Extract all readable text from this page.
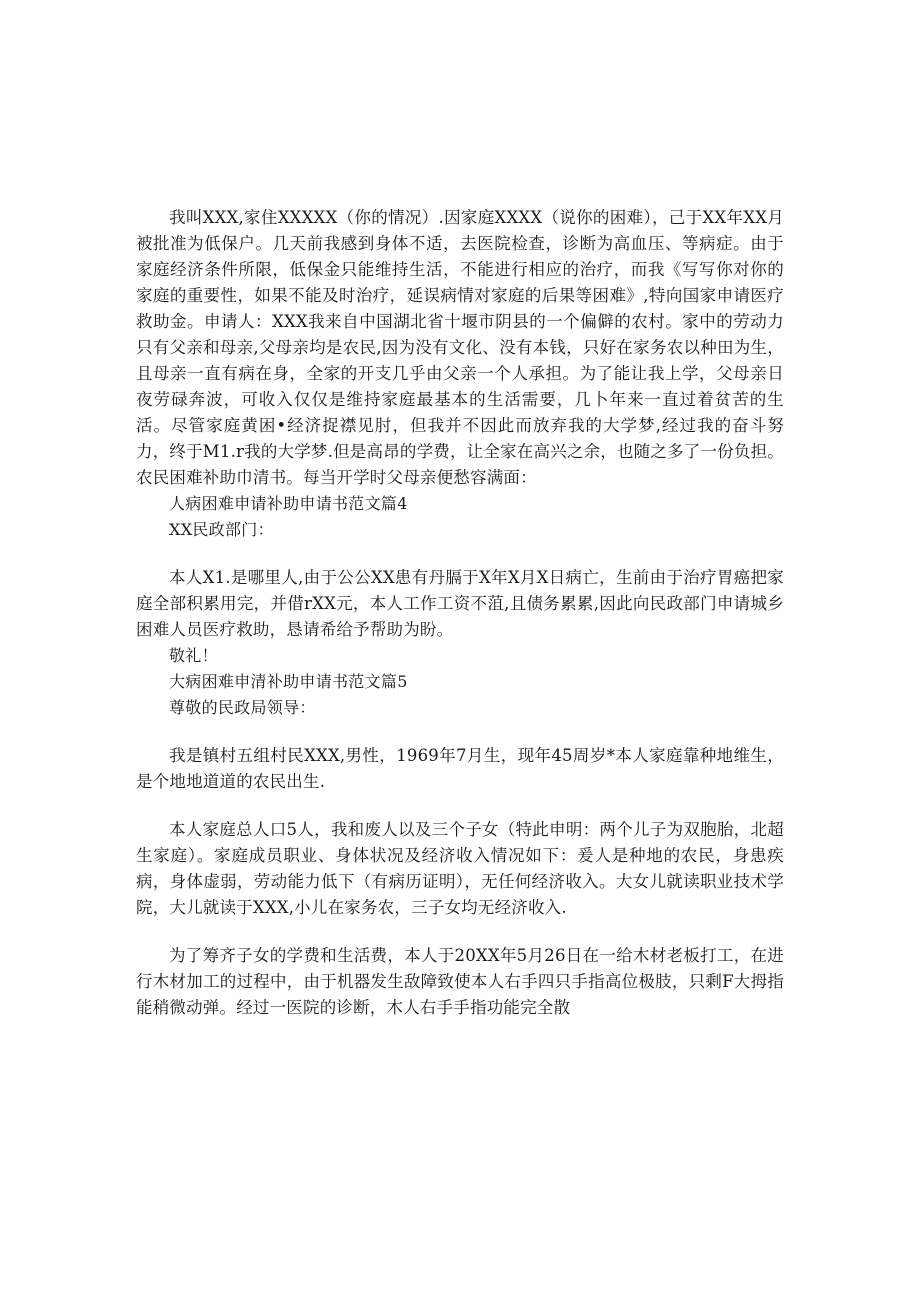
我叫XXX,家住XXXXX（你的情况）.因家庭XXXX（说你的困难），己于XX年XX月被批准为低保户。几天前我感到身体不适，去医院检查，诊断为高血压、等病症。由于家庭经济条件所限，低保金只能维持生活，不能进行相应的治疗，而我《写写你对你的家庭的重要性，如果不能及时治疗，延误病情对家庭的后果等困难》,特向国家申请医疗救助金。申请人：XXX我来自中国湖北省十堰市阴县的一个偏僻的农村。家中的劳动力只有父亲和母亲,父母亲均是农民,因为没有文化、没有本钱，只好在家务农以种田为生，且母亲一直有病在身，全家的开支几乎由父亲一个人承担。为了能让我上学，父母亲日夜劳碌奔波，可收入仅仅是维持家庭最基本的生活需要，几卜年来一直过着贫苦的生活。尽管家庭黄困•经济捉襟见肘，但我并不因此而放弃我的大学梦,经过我的奋斗努力，终于M1.r我的大学梦.但是高昂的学费，让全家在高兴之余，也随之多了一份负担。农民困难补助巾清书。每当开学时父母亲便愁容满面：

人病困难申请补助申请书范文篇4

XX民政部门：

本人X1.是哪里人,由于公公XX患有丹膈于X年X月X日病亡，生前由于治疗胃癌把家庭全部积累用完，并借rXX元，本人工作工资不菹,且债务累累,因此向民政部门申请城乡困难人员医疗救助，恳请希给予帮助为盼。

敬礼！

大病困难申清补助申请书范文篇5

尊敬的民政局领导：

我是镇村五组村民XXX,男性，1969年7月生，现年45周岁*本人家庭靠种地维生，是个地地道道的农民出生.

本人家庭总人口5人，我和废人以及三个子女（特此申明：两个儿子为双胞胎，北超生家庭）。家庭成员职业、身体状况及经济收入情况如下：爰人是种地的农民，身患疾病，身体虚弱，劳动能力低下（有病历证明），无任何经济收入。大女儿就读职业技术学院，大儿就读于XXX,小儿在家务农，三子女均无经济收入.

为了筹齐子女的学费和生活费，本人于20XX年5月26日在一给木材老板打工，在进行木材加工的过程中，由于机器发生敌障致使本人右手四只手指高位极肢，只剩F大拇指能稍微动弹。经过一医院的诊断，木人右手手指功能完全散
